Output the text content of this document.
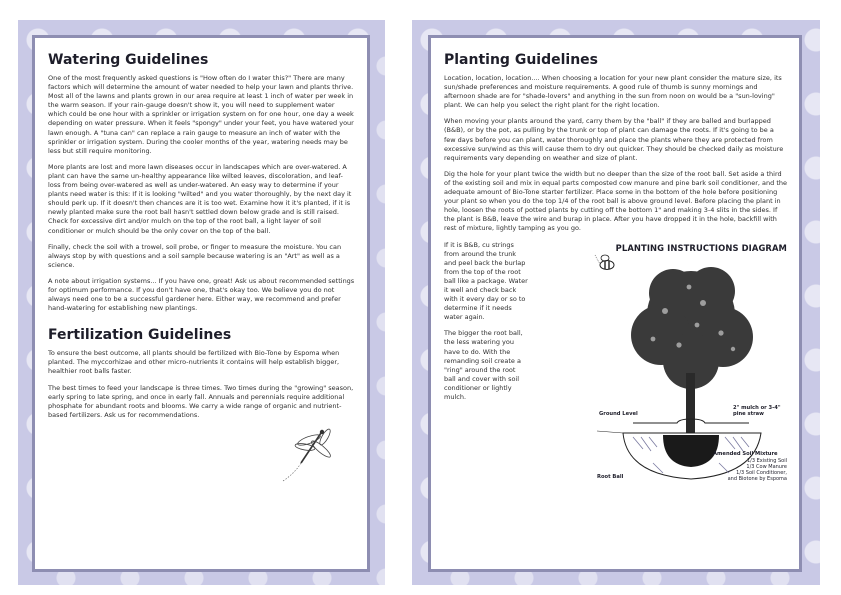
Watering Guidelines

One of the most frequently asked questions is "How often do I water this?" There are many factors which will determine the amount of water needed to help your lawn and plants thrive. Most all of the lawns and plants grown in our area require at least 1 inch of water per week in the warm season. If your rain-gauge doesn't show it, you will need to supplement water which could be one hour with a sprinkler or irrigation system on for one hour, one day a week depending on water pressure. When it feels "spongy" under your feet, you have watered your lawn enough. A "tuna can" can replace a rain gauge to measure an inch of water with the sprinkler or irrigation system. During the cooler months of the year, watering needs may be less but still require monitoring.

More plants are lost and more lawn diseases occur in landscapes which are over-watered. A plant can have the same un-healthy appearance like wilted leaves, discoloration, and leaf-loss from being over-watered as well as under-watered. An easy way to determine if your plants need water is this: If it is looking "wilted" and you water thoroughly, by the next day it should perk up. If it doesn't then chances are it is too wet. Examine how it it's planted, if it is newly planted make sure the root ball hasn't settled down below grade and is still raised. Check for excessive dirt and/or mulch on the top of the root ball, a light layer of soil conditioner or mulch should be the only cover on the top of the ball.

Finally, check the soil with a trowel, soil probe, or finger to measure the moisture. You can always stop by with questions and a soil sample because watering is an "Art" as well as a science.

A note about irrigation systems... If you have one, great! Ask us about recommended settings for optimum performance. If you don't have one, that's okay too. We believe you do not always need one to be a successful gardener here. Either way, we recommend and prefer hand-watering for establishing new plantings.

Fertilization Guidelines

To ensure the best outcome, all plants should be fertilized with Bio-Tone by Espoma when planted. The myccorhizae and other micro-nutrients it contains will help establish bigger, healthier root balls faster.

The best times to feed your landscape is three times. Two times during the "growing" season, early spring to late spring, and once in early fall. Annuals and perennials require additional phosphate for abundant roots and blooms. We carry a wide range of organic and nutrient-based fertilizers. Ask us for recommendations.

Planting Guidelines

Location, location, location.... When choosing a location for your new plant consider the mature size, its sun/shade preferences and moisture requirements. A good rule of thumb is sunny mornings and afternoon shade are for "shade-lovers" and anything in the sun from noon on would be a "sun-loving" plant. We can help you select the right plant for the right location.

When moving your plants around the yard, carry them by the "ball" if they are balled and burlapped (B&B), or by the pot, as pulling by the trunk or top of plant can damage the roots. If it's going to be a few days before you can plant, water thoroughly and place the plants where they are protected from excessive sun/wind as this will cause them to dry out quicker. They should be checked daily as moisture requirements vary depending on weather and size of plant.

Dig the hole for your plant twice the width but no deeper than the size of the root ball. Set aside a third of the existing soil and mix in equal parts composted cow manure and pine bark soil conditioner, and the adequate amount of Bio-Tone starter fertilizer. Place some in the bottom of the hole before positioning your plant so when you do the top 1/4 of the root ball is above ground level. Before placing the plant in hole, loosen the roots of potted plants by cutting off the bottom 1" and making 3-4 slits in the sides. If the plant is B&B, leave the wire and burap in place. After you have dropped it in the hole, backfill with rest of mixture, lightly tamping as you go.

If it is B&B, cu strings from around the trunk and peel back the burlap from the top of the root ball like a package. Water it well and check back with it every day or so to determine if it needs water again.

The bigger the root ball, the less watering you have to do. With the remanding soil create a "ring" around the root ball and cover with soil conditioner or lightly mulch.

PLANTING INSTRUCTIONS DIAGRAM
Ground Level
2" mulch or 3-4" pine straw
Amended Soil Mixture
1/3 Existing Soil
1/3 Cow Manure
1/3 Soil Conditioner,
and Biotone by Espoma
Root Ball
